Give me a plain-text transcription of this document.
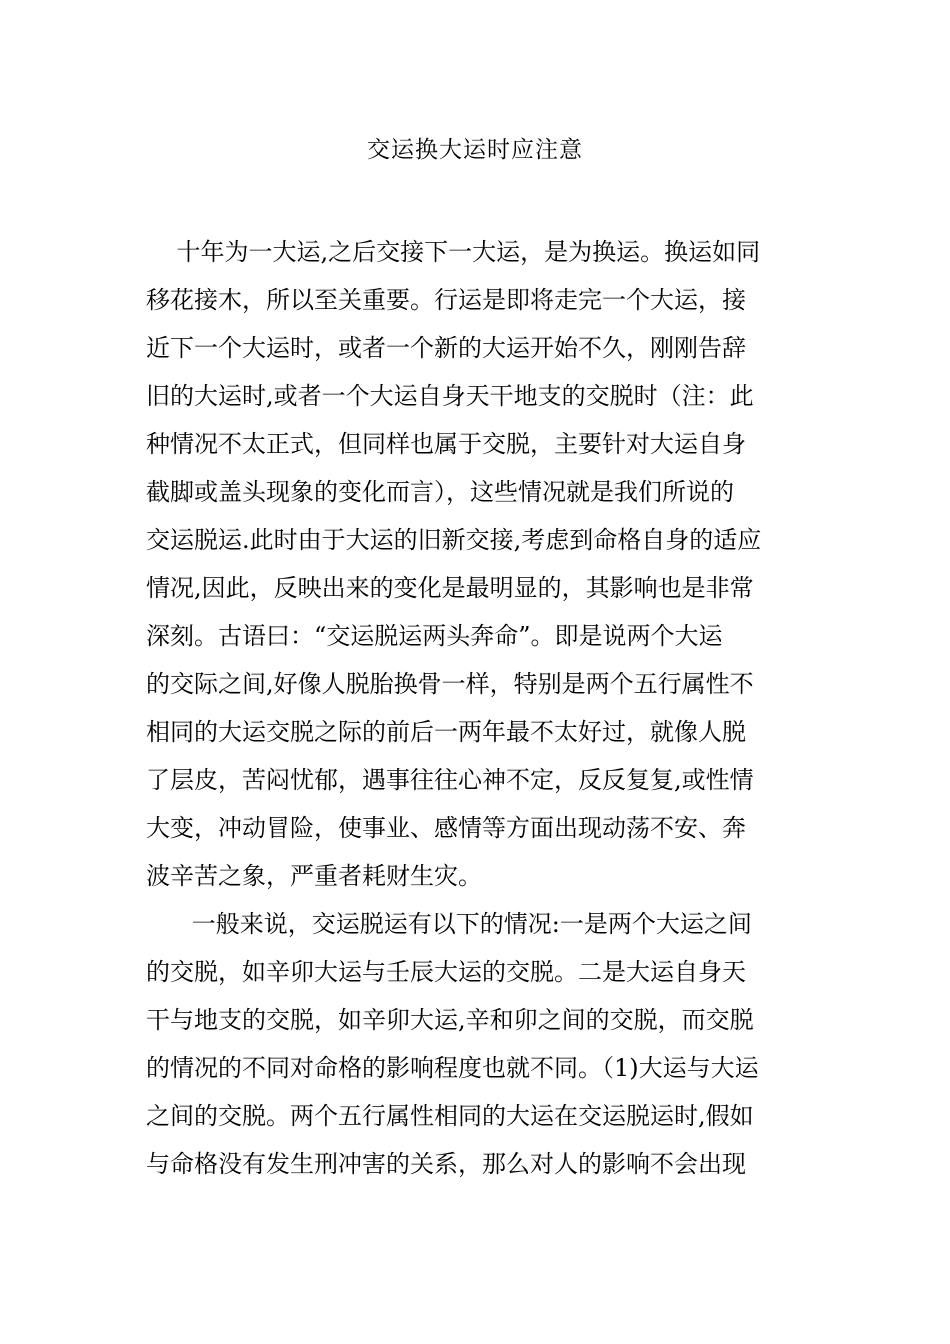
交运换大运时应注意
十年为一大运,之后交接下一大运，是为换运。换运如同
移花接木，所以至关重要。行运是即将走完一个大运，接
近下一个大运时，或者一个新的大运开始不久，刚刚告辞
旧的大运时,或者一个大运自身天干地支的交脱时（注：此
种情况不太正式，但同样也属于交脱，主要针对大运自身
截脚或盖头现象的变化而言），这些情况就是我们所说的
交运脱运.此时由于大运的旧新交接,考虑到命格自身的适应
情况,因此，反映出来的变化是最明显的，其影响也是非常
深刻。古语曰：“交运脱运两头奔命”。即是说两个大运
的交际之间,好像人脱胎换骨一样，特别是两个五行属性不
相同的大运交脱之际的前后一两年最不太好过，就像人脱
了层皮，苦闷忧郁，遇事往往心神不定，反反复复,或性情
大变，冲动冒险，使事业、感情等方面出现动荡不安、奔
波辛苦之象，严重者耗财生灾。
一般来说，交运脱运有以下的情况:一是两个大运之间
的交脱，如辛卯大运与壬辰大运的交脱。二是大运自身天
干与地支的交脱，如辛卯大运,辛和卯之间的交脱，而交脱
的情况的不同对命格的影响程度也就不同。（1)大运与大运
之间的交脱。两个五行属性相同的大运在交运脱运时,假如
与命格没有发生刑冲害的关系，那么对人的影响不会出现
